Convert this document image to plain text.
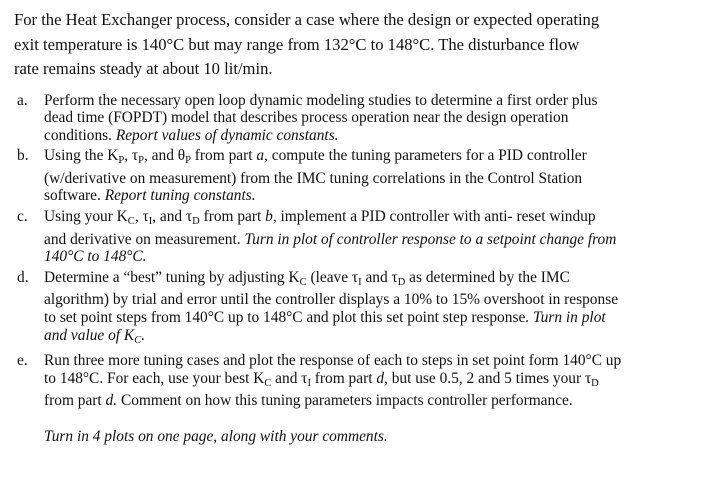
For the Heat Exchanger process, consider a case where the design or expected operating
exit temperature is 140°C but may range from 132°C to 148°C. The disturbance flow
rate remains steady at about 10 lit/min.

a.	Perform the necessary open loop dynamic modeling studies to determine a first order plus
dead time (FOPDT) model that describes process operation near the design operation
conditions. Report values of dynamic constants.
b.	Using the $K_P$, $\tau_P$, and $\theta_P$ from part a, compute the tuning parameters for a PID controller
(w/derivative on measurement) from the IMC tuning correlations in the Control Station
software. Report tuning constants.
c.	Using your $K_C$, $\tau_I$, and $\tau_D$ from part b, implement a PID controller with anti- reset windup
and derivative on measurement. Turn in plot of controller response to a setpoint change from
140°C to 148°C.
d.	Determine a “best” tuning by adjusting $K_C$ (leave $\tau_I$ and $\tau_D$ as determined by the IMC
algorithm) by trial and error until the controller displays a 10% to 15% overshoot in response
to set point steps from 140°C up to 148°C and plot this set point step response. Turn in plot
and value of $K_C$.
e.	Run three more tuning cases and plot the response of each to steps in set point form 140°C up
to 148°C. For each, use your best $K_C$ and $\tau_I$ from part d, but use 0.5, 2 and 5 times your $\tau_D$
from part d. Comment on how this tuning parameters impacts controller performance.

Turn in 4 plots on one page, along with your comments.
